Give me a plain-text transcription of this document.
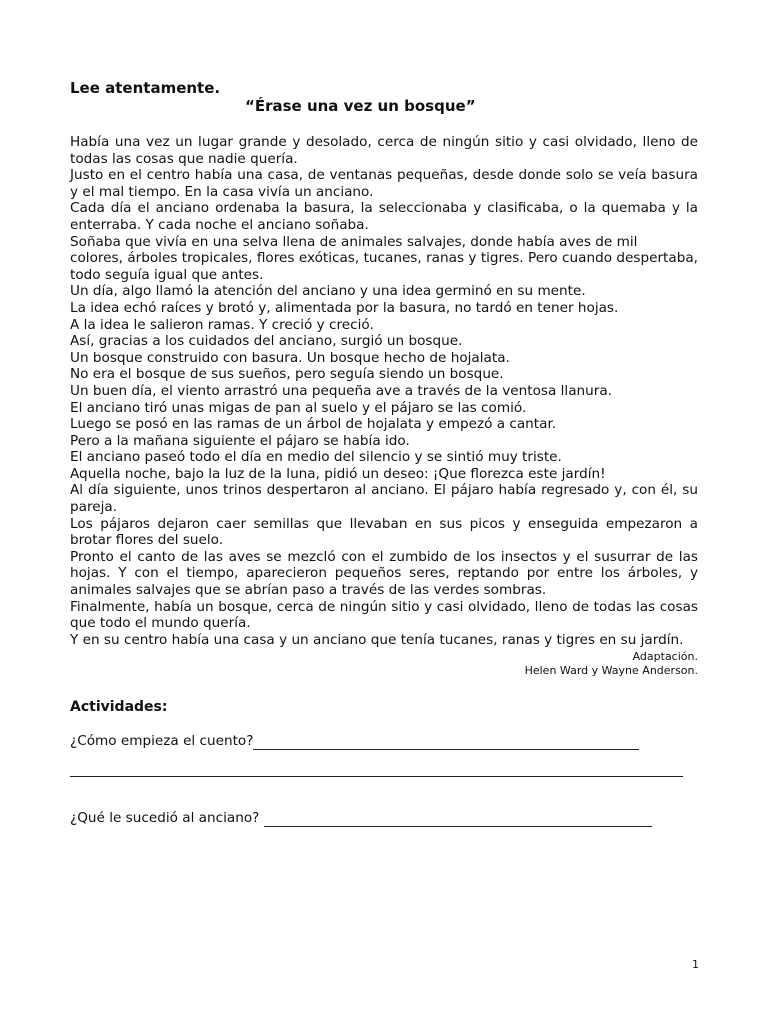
Lee atentamente.

“Érase una vez un bosque”

Había una vez un lugar grande y desolado, cerca de ningún sitio y casi olvidado, lleno de todas las cosas que nadie quería.

Justo en el centro había una casa, de ventanas pequeñas, desde donde solo se veía basura y el mal tiempo. En la casa vivía un anciano.

Cada día el anciano ordenaba la basura, la seleccionaba y clasificaba, o la quemaba y la enterraba. Y cada noche el anciano soñaba.

Soñaba que vivía en una selva llena de animales salvajes, donde había aves de mil

colores, árboles tropicales, flores exóticas, tucanes, ranas y tigres. Pero cuando despertaba, todo seguía igual que antes.

Un día, algo llamó la atención del anciano y una idea germinó en su mente.

La idea echó raíces y brotó y, alimentada por la basura, no tardó en tener hojas.

A la idea le salieron ramas. Y creció y creció.

Así, gracias a los cuidados del anciano, surgió un bosque.

Un bosque construido con basura. Un bosque hecho de hojalata.

No era el bosque de sus sueños, pero seguía siendo un bosque.

Un buen día, el viento arrastró una pequeña ave a través de la ventosa llanura.

El anciano tiró unas migas de pan al suelo y el pájaro se las comió.

Luego se posó en las ramas de un árbol de hojalata y empezó a cantar.

Pero a la mañana siguiente el pájaro se había ido.

El anciano paseó todo el día en medio del silencio y se sintió muy triste.

Aquella noche, bajo la luz de la luna, pidió un deseo: ¡Que florezca este jardín!

Al día siguiente, unos trinos despertaron al anciano. El pájaro había regresado y, con él, su pareja.

Los pájaros dejaron caer semillas que llevaban en sus picos y enseguida empezaron a brotar flores del suelo.

Pronto el canto de las aves se mezcló con el zumbido de los insectos y el susurrar de las hojas. Y con el tiempo, aparecieron pequeños seres, reptando por entre los árboles, y animales salvajes que se abrían paso a través de las verdes sombras.

Finalmente, había un bosque, cerca de ningún sitio y casi olvidado, lleno de todas las cosas que todo el mundo quería.

Y en su centro había una casa y un anciano que tenía tucanes, ranas y tigres en su jardín.

Adaptación.
Helen Ward y Wayne Anderson.
Actividades:
¿Cómo empieza el cuento?
¿Qué le sucedió al anciano?
1
